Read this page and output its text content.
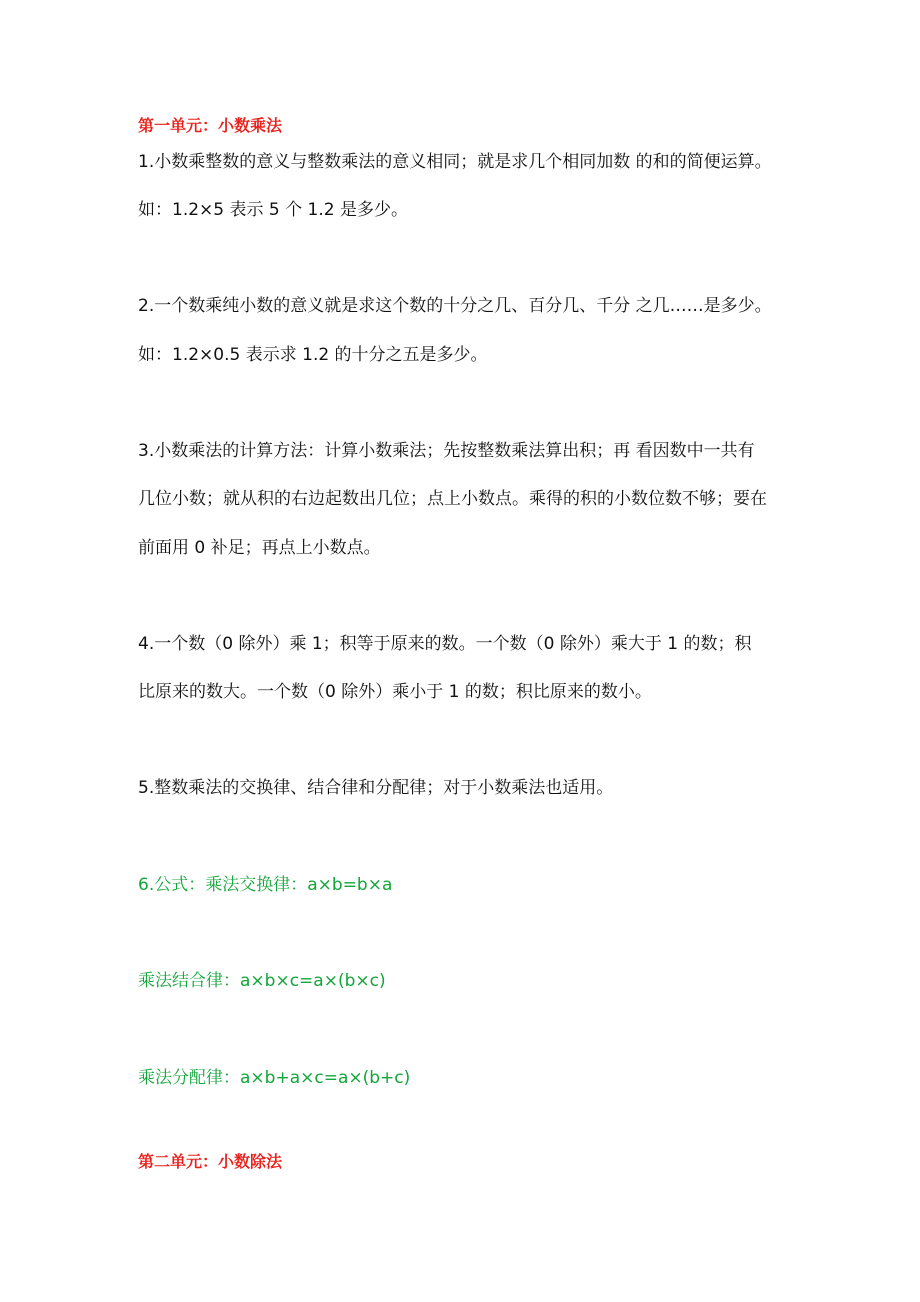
第一单元：小数乘法

1.小数乘整数的意义与整数乘法的意义相同；就是求几个相同加数 的和的简便运算。

如：1.2×5 表示 5 个 1.2 是多少。

2.一个数乘纯小数的意义就是求这个数的十分之几、百分几、千分 之几……是多少。

如：1.2×0.5 表示求 1.2 的十分之五是多少。

3.小数乘法的计算方法：计算小数乘法；先按整数乘法算出积；再 看因数中一共有

几位小数；就从积的右边起数出几位；点上小数点。乘得的积的小数位数不够；要在

前面用 0 补足；再点上小数点。

4.一个数（0 除外）乘 1；积等于原来的数。一个数（0 除外）乘大于 1 的数；积

比原来的数大。一个数（0 除外）乘小于 1 的数；积比原来的数小。

5.整数乘法的交换律、结合律和分配律；对于小数乘法也适用。

6.公式：乘法交换律：a×b=b×a

乘法结合律：a×b×c=a×(b×c)

乘法分配律：a×b+a×c=a×(b+c)

第二单元：小数除法
